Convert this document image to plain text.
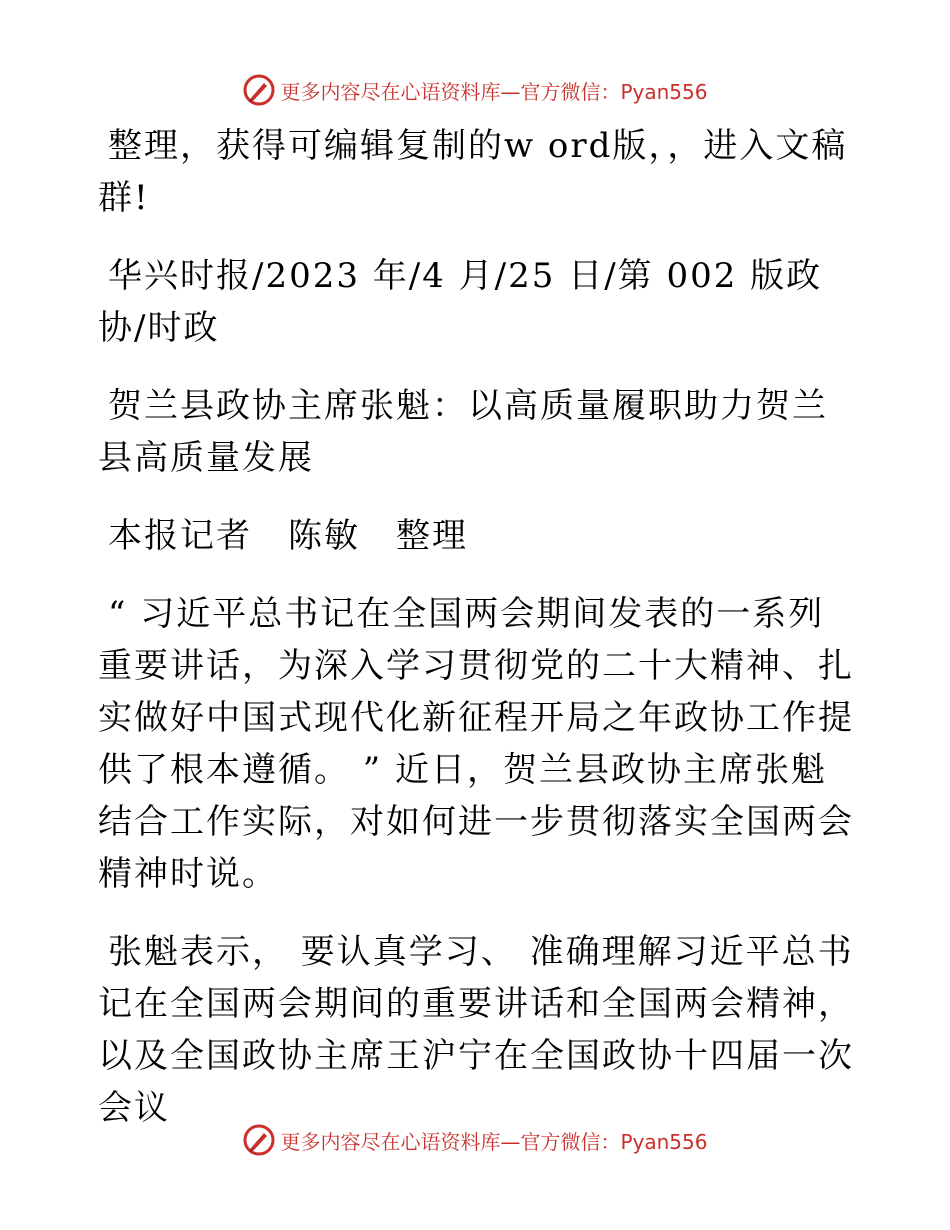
更多内容尽在心语资料库—官方微信：Pyan556

整理，获得可编辑复制的w ord版，，进入文稿群!

华兴时报/2023 年/4 月/25 日/第 002 版政协/时政

贺兰县政协主席张魁：以高质量履职助力贺兰县高质量发展

本报记者　陈敏　整理

“ 习近平总书记在全国两会期间发表的一系列重要讲话，为深入学习贯彻党的二十大精神、扎实做好中国式现代化新征程开局之年政协工作提供了根本遵循。 ” 近日，贺兰县政协主席张魁结合工作实际，对如何进一步贯彻落实全国两会精神时说。

张魁表示， 要认真学习、 准确理解习近平总书记在全国两会期间的重要讲话和全国两会精神，以及全国政协主席王沪宁在全国政协十四届一次会议

更多内容尽在心语资料库—官方微信：Pyan556
